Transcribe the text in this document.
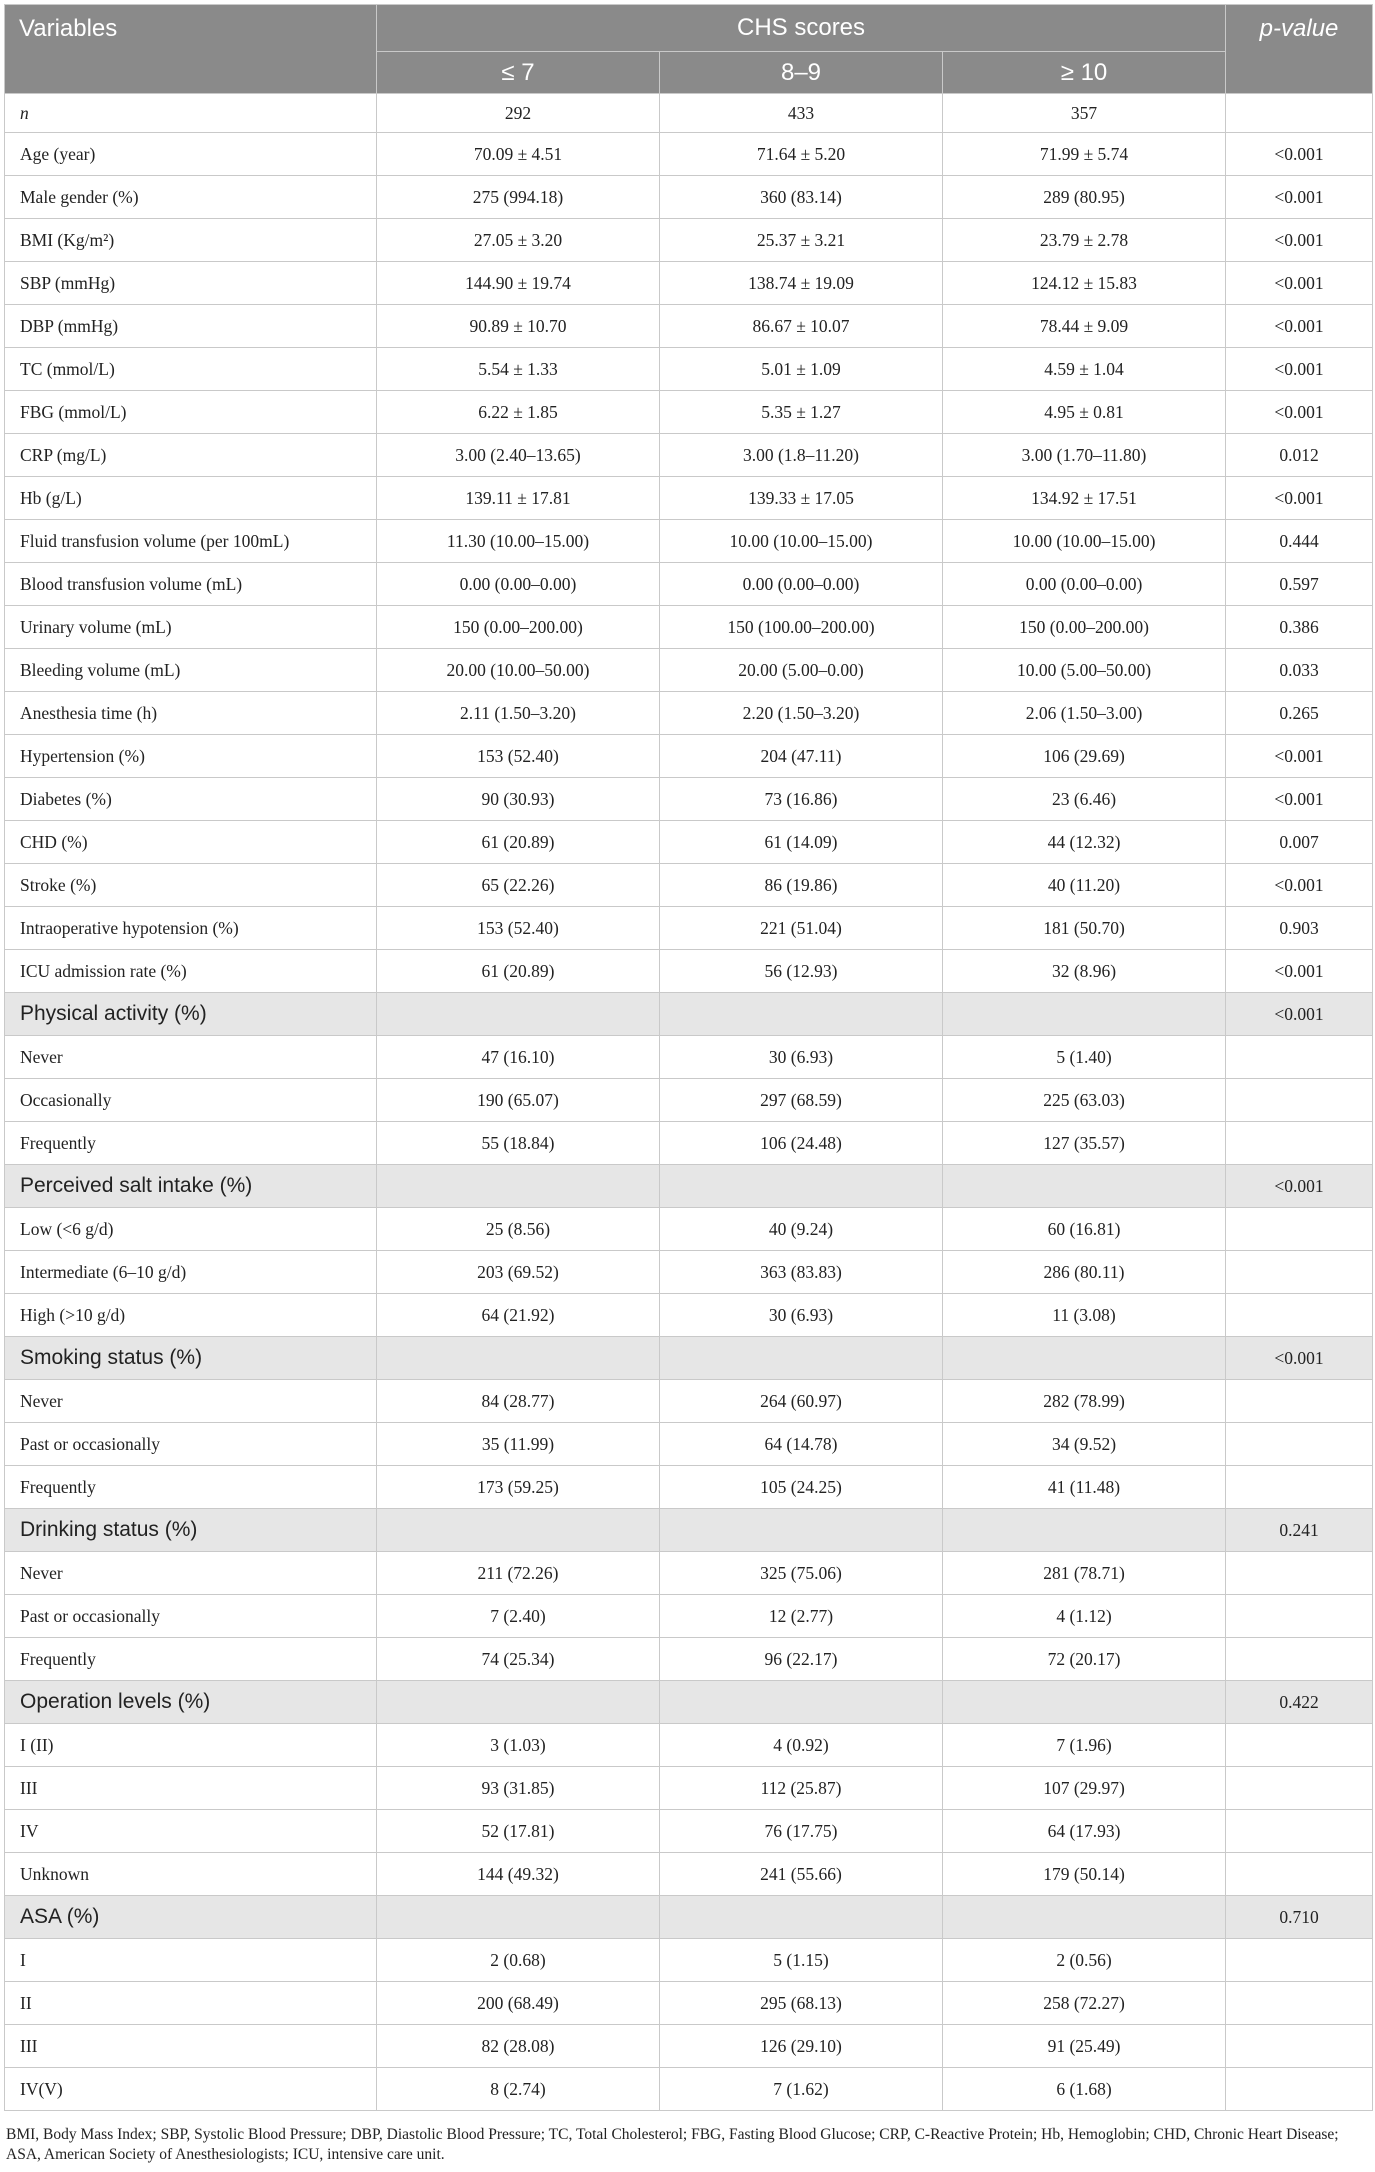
Variables	CHS scores			p-value
	≤ 7	8–9	≥ 10	
n	292	433	357	
Age (year)	70.09 ± 4.51	71.64 ± 5.20	71.99 ± 5.74	<0.001
Male gender (%)	275 (994.18)	360 (83.14)	289 (80.95)	<0.001
BMI (Kg/m²)	27.05 ± 3.20	25.37 ± 3.21	23.79 ± 2.78	<0.001
SBP (mmHg)	144.90 ± 19.74	138.74 ± 19.09	124.12 ± 15.83	<0.001
DBP (mmHg)	90.89 ± 10.70	86.67 ± 10.07	78.44 ± 9.09	<0.001
TC (mmol/L)	5.54 ± 1.33	5.01 ± 1.09	4.59 ± 1.04	<0.001
FBG (mmol/L)	6.22 ± 1.85	5.35 ± 1.27	4.95 ± 0.81	<0.001
CRP (mg/L)	3.00 (2.40–13.65)	3.00 (1.8–11.20)	3.00 (1.70–11.80)	0.012
Hb (g/L)	139.11 ± 17.81	139.33 ± 17.05	134.92 ± 17.51	<0.001
Fluid transfusion volume (per 100mL)	11.30 (10.00–15.00)	10.00 (10.00–15.00)	10.00 (10.00–15.00)	0.444
Blood transfusion volume (mL)	0.00 (0.00–0.00)	0.00 (0.00–0.00)	0.00 (0.00–0.00)	0.597
Urinary volume (mL)	150 (0.00–200.00)	150 (100.00–200.00)	150 (0.00–200.00)	0.386
Bleeding volume (mL)	20.00 (10.00–50.00)	20.00 (5.00–0.00)	10.00 (5.00–50.00)	0.033
Anesthesia time (h)	2.11 (1.50–3.20)	2.20 (1.50–3.20)	2.06 (1.50–3.00)	0.265
Hypertension (%)	153 (52.40)	204 (47.11)	106 (29.69)	<0.001
Diabetes (%)	90 (30.93)	73 (16.86)	23 (6.46)	<0.001
CHD (%)	61 (20.89)	61 (14.09)	44 (12.32)	0.007
Stroke (%)	65 (22.26)	86 (19.86)	40 (11.20)	<0.001
Intraoperative hypotension (%)	153 (52.40)	221 (51.04)	181 (50.70)	0.903
ICU admission rate (%)	61 (20.89)	56 (12.93)	32 (8.96)	<0.001
Physical activity (%)				<0.001
Never	47 (16.10)	30 (6.93)	5 (1.40)	
Occasionally	190 (65.07)	297 (68.59)	225 (63.03)	
Frequently	55 (18.84)	106 (24.48)	127 (35.57)	
Perceived salt intake (%)				<0.001
Low (<6 g/d)	25 (8.56)	40 (9.24)	60 (16.81)	
Intermediate (6–10 g/d)	203 (69.52)	363 (83.83)	286 (80.11)	
High (>10 g/d)	64 (21.92)	30 (6.93)	11 (3.08)	
Smoking status (%)				<0.001
Never	84 (28.77)	264 (60.97)	282 (78.99)	
Past or occasionally	35 (11.99)	64 (14.78)	34 (9.52)	
Frequently	173 (59.25)	105 (24.25)	41 (11.48)	
Drinking status (%)				0.241
Never	211 (72.26)	325 (75.06)	281 (78.71)	
Past or occasionally	7 (2.40)	12 (2.77)	4 (1.12)	
Frequently	74 (25.34)	96 (22.17)	72 (20.17)	
Operation levels (%)				0.422
I (II)	3 (1.03)	4 (0.92)	7 (1.96)	
III	93 (31.85)	112 (25.87)	107 (29.97)	
IV	52 (17.81)	76 (17.75)	64 (17.93)	
Unknown	144 (49.32)	241 (55.66)	179 (50.14)	
ASA (%)				0.710
I	2 (0.68)	5 (1.15)	2 (0.56)	
II	200 (68.49)	295 (68.13)	258 (72.27)	
III	82 (28.08)	126 (29.10)	91 (25.49)	
IV(V)	8 (2.74)	7 (1.62)	6 (1.68)	
BMI, Body Mass Index; SBP, Systolic Blood Pressure; DBP, Diastolic Blood Pressure; TC, Total Cholesterol; FBG, Fasting Blood Glucose; CRP, C-Reactive Protein; Hb, Hemoglobin; CHD, Chronic Heart Disease; ASA, American Society of Anesthesiologists; ICU, intensive care unit.
